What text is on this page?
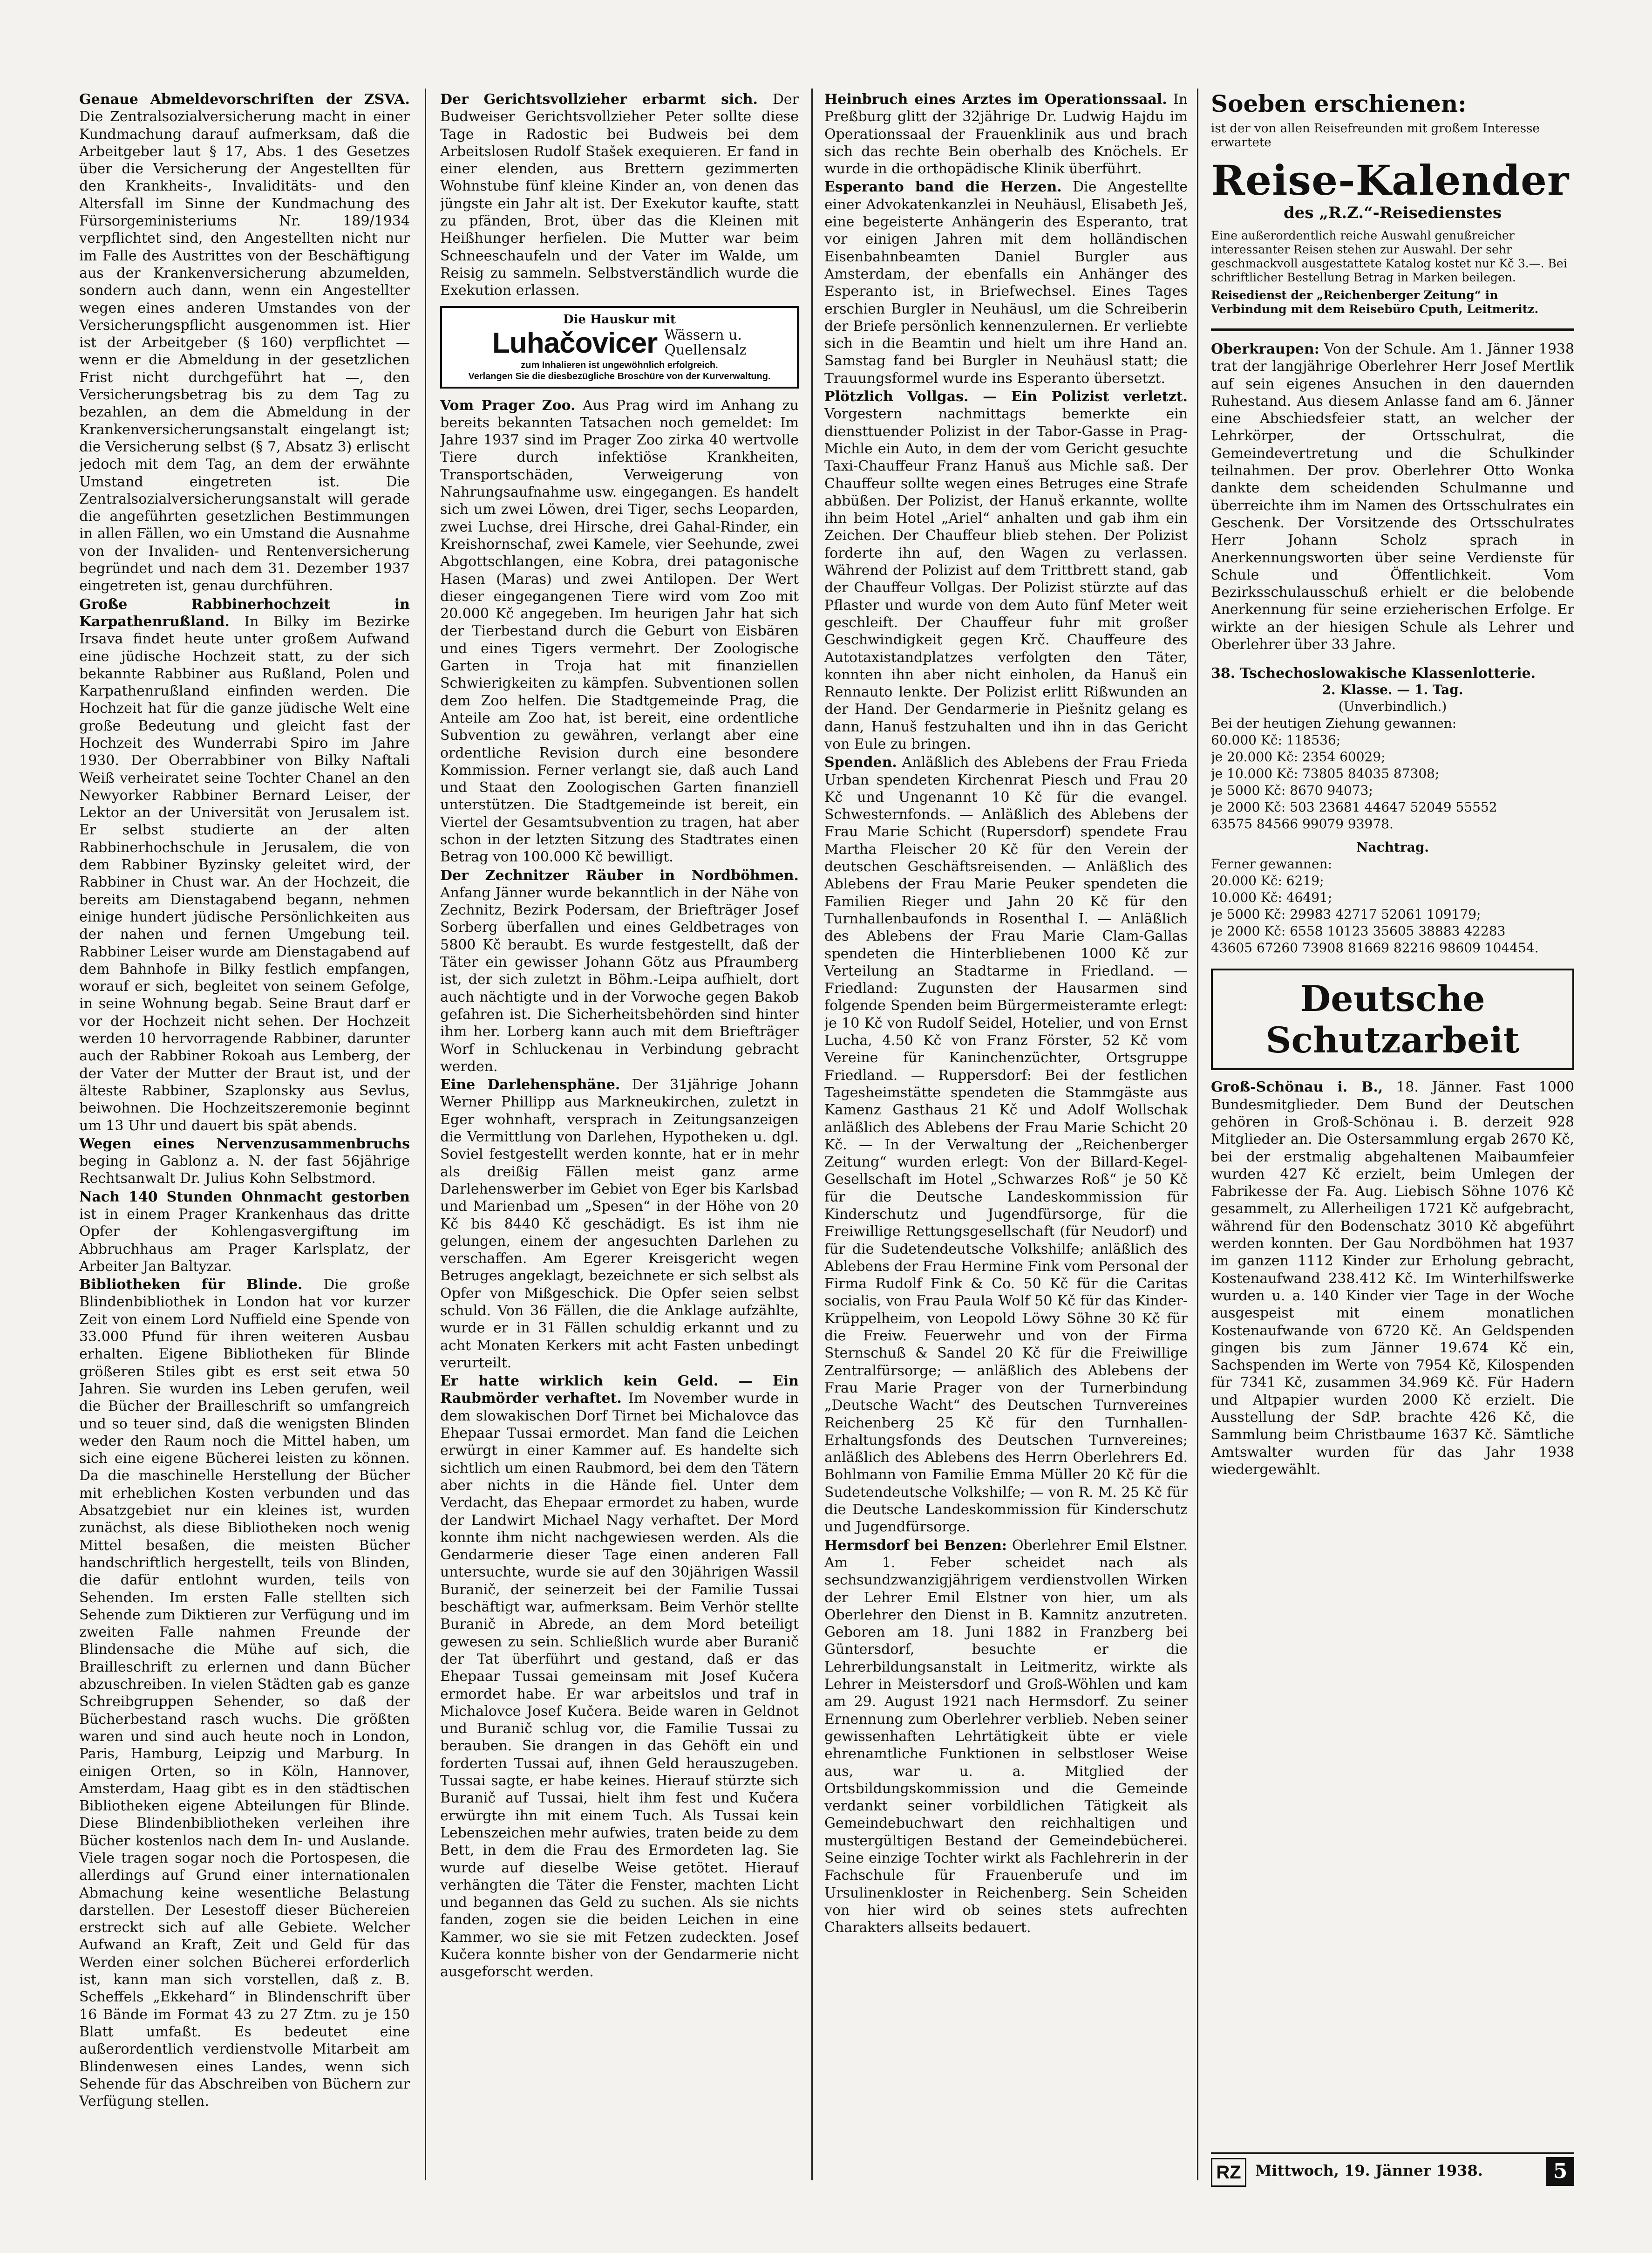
Genaue Abmeldevorschriften der ZSVA. Die Zentralsozialversicherung macht in einer Kundmachung darauf aufmerksam, daß die Arbeitgeber laut § 17, Abs. 1 des Gesetzes über die Versicherung der Angestellten für den Krankheits-, Invaliditäts- und den Altersfall im Sinne der Kundmachung des Fürsorgeministeriums Nr. 189/1934 verpflichtet sind, den Angestellten nicht nur im Falle des Austrittes von der Beschäftigung aus der Krankenversicherung abzumelden, sondern auch dann, wenn ein Angestellter wegen eines anderen Umstandes von der Versicherungspflicht ausgenommen ist. Hier ist der Arbeitgeber (§ 160) verpflichtet — wenn er die Abmeldung in der gesetzlichen Frist nicht durchgeführt hat —, den Versicherungsbetrag bis zu dem Tag zu bezahlen, an dem die Abmeldung in der Krankenversicherungsanstalt eingelangt ist; die Versicherung selbst (§ 7, Absatz 3) erlischt jedoch mit dem Tag, an dem der erwähnte Umstand eingetreten ist. Die Zentralsozialversicherungsanstalt will gerade die angeführten gesetzlichen Bestimmungen in allen Fällen, wo ein Umstand die Ausnahme von der Invaliden- und Rentenversicherung begründet und nach dem 31. Dezember 1937 eingetreten ist, genau durchführen.

Große Rabbinerhochzeit in Karpathenrußland. In Bilky im Bezirke Irsava findet heute unter großem Aufwand eine jüdische Hochzeit statt, zu der sich bekannte Rabbiner aus Rußland, Polen und Karpathenrußland einfinden werden. Die Hochzeit hat für die ganze jüdische Welt eine große Bedeutung und gleicht fast der Hochzeit des Wunderrabi Spiro im Jahre 1930. Der Oberrabbiner von Bilky Naftali Weiß verheiratet seine Tochter Chanel an den Newyorker Rabbiner Bernard Leiser, der Lektor an der Universität von Jerusalem ist. Er selbst studierte an der alten Rabbinerhochschule in Jerusalem, die von dem Rabbiner Byzinsky geleitet wird, der Rabbiner in Chust war. An der Hochzeit, die bereits am Dienstagabend begann, nehmen einige hundert jüdische Persönlichkeiten aus der nahen und fernen Umgebung teil. Rabbiner Leiser wurde am Dienstagabend auf dem Bahnhofe in Bilky festlich empfangen, worauf er sich, begleitet von seinem Gefolge, in seine Wohnung begab. Seine Braut darf er vor der Hochzeit nicht sehen. Der Hochzeit werden 10 hervorragende Rabbiner, darunter auch der Rabbiner Rokoah aus Lemberg, der der Vater der Mutter der Braut ist, und der älteste Rabbiner, Szaplonsky aus Sevlus, beiwohnen. Die Hochzeitszeremonie beginnt um 13 Uhr und dauert bis spät abends.

Wegen eines Nervenzusammenbruchs beging in Gablonz a. N. der fast 56jährige Rechtsanwalt Dr. Julius Kohn Selbstmord.

Nach 140 Stunden Ohnmacht gestorben ist in einem Prager Krankenhaus das dritte Opfer der Kohlengasvergiftung im Abbruchhaus am Prager Karlsplatz, der Arbeiter Jan Baltyzar.

Bibliotheken für Blinde. Die große Blindenbibliothek in London hat vor kurzer Zeit von einem Lord Nuffield eine Spende von 33.000 Pfund für ihren weiteren Ausbau erhalten. Eigene Bibliotheken für Blinde größeren Stiles gibt es erst seit etwa 50 Jahren. Sie wurden ins Leben gerufen, weil die Bücher der Brailleschrift so umfangreich und so teuer sind, daß die wenigsten Blinden weder den Raum noch die Mittel haben, um sich eine eigene Bücherei leisten zu können. Da die maschinelle Herstellung der Bücher mit erheblichen Kosten verbunden und das Absatzgebiet nur ein kleines ist, wurden zunächst, als diese Bibliotheken noch wenig Mittel besaßen, die meisten Bücher handschriftlich hergestellt, teils von Blinden, die dafür entlohnt wurden, teils von Sehenden. Im ersten Falle stellten sich Sehende zum Diktieren zur Verfügung und im zweiten Falle nahmen Freunde der Blindensache die Mühe auf sich, die Brailleschrift zu erlernen und dann Bücher abzuschreiben. In vielen Städten gab es ganze Schreibgruppen Sehender, so daß der Bücherbestand rasch wuchs. Die größten waren und sind auch heute noch in London, Paris, Hamburg, Leipzig und Marburg. In einigen Orten, so in Köln, Hannover, Amsterdam, Haag gibt es in den städtischen Bibliotheken eigene Abteilungen für Blinde. Diese Blindenbibliotheken verleihen ihre Bücher kostenlos nach dem In- und Auslande. Viele tragen sogar noch die Portospesen, die allerdings auf Grund einer internationalen Abmachung keine wesentliche Belastung darstellen. Der Lesestoff dieser Büchereien erstreckt sich auf alle Gebiete. Welcher Aufwand an Kraft, Zeit und Geld für das Werden einer solchen Bücherei erforderlich ist, kann man sich vorstellen, daß z. B. Scheffels „Ekkehard“ in Blindenschrift über 16 Bände im Format 43 zu 27 Ztm. zu je 150 Blatt umfaßt. Es bedeutet eine außerordentlich verdienstvolle Mitarbeit am Blindenwesen eines Landes, wenn sich Sehende für das Abschreiben von Büchern zur Verfügung stellen.

Der Gerichtsvollzieher erbarmt sich. Der Budweiser Gerichtsvollzieher Peter sollte diese Tage in Radostic bei Budweis bei dem Arbeitslosen Rudolf Stašek exequieren. Er fand in einer elenden, aus Brettern gezimmerten Wohnstube fünf kleine Kinder an, von denen das jüngste ein Jahr alt ist. Der Exekutor kaufte, statt zu pfänden, Brot, über das die Kleinen mit Heißhunger herfielen. Die Mutter war beim Schneeschaufeln und der Vater im Walde, um Reisig zu sammeln. Selbstverständlich wurde die Exekution erlassen.

Die Hauskur mit
Luhačovicer Wässern u.
Quellensalz
zum Inhalieren ist ungewöhnlich erfolgreich.
Verlangen Sie die diesbezügliche Broschüre von der Kurverwaltung.

Vom Prager Zoo. Aus Prag wird im Anhang zu bereits bekannten Tatsachen noch gemeldet: Im Jahre 1937 sind im Prager Zoo zirka 40 wertvolle Tiere durch infektiöse Krankheiten, Transportschäden, Verweigerung von Nahrungsaufnahme usw. eingegangen. Es handelt sich um zwei Löwen, drei Tiger, sechs Leoparden, zwei Luchse, drei Hirsche, drei Gahal-Rinder, ein Kreishornschaf, zwei Kamele, vier Seehunde, zwei Abgottschlangen, eine Kobra, drei patagonische Hasen (Maras) und zwei Antilopen. Der Wert dieser eingegangenen Tiere wird vom Zoo mit 20.000 Kč angegeben. Im heurigen Jahr hat sich der Tierbestand durch die Geburt von Eisbären und eines Tigers vermehrt. Der Zoologische Garten in Troja hat mit finanziellen Schwierigkeiten zu kämpfen. Subventionen sollen dem Zoo helfen. Die Stadtgemeinde Prag, die Anteile am Zoo hat, ist bereit, eine ordentliche Subvention zu gewähren, verlangt aber eine ordentliche Revision durch eine besondere Kommission. Ferner verlangt sie, daß auch Land und Staat den Zoologischen Garten finanziell unterstützen. Die Stadtgemeinde ist bereit, ein Viertel der Gesamtsubvention zu tragen, hat aber schon in der letzten Sitzung des Stadtrates einen Betrag von 100.000 Kč bewilligt.

Der Zechnitzer Räuber in Nordböhmen. Anfang Jänner wurde bekanntlich in der Nähe von Zechnitz, Bezirk Podersam, der Briefträger Josef Sorberg überfallen und eines Geldbetrages von 5800 Kč beraubt. Es wurde festgestellt, daß der Täter ein gewisser Johann Götz aus Pfraumberg ist, der sich zuletzt in Böhm.-Leipa aufhielt, dort auch nächtigte und in der Vorwoche gegen Bakob gefahren ist. Die Sicherheitsbehörden sind hinter ihm her. Lorberg kann auch mit dem Briefträger Worf in Schluckenau in Verbindung gebracht werden.

Eine Darlehensphäne. Der 31jährige Johann Werner Phillipp aus Markneukirchen, zuletzt in Eger wohnhaft, versprach in Zeitungsanzeigen die Vermittlung von Darlehen, Hypotheken u. dgl. Soviel festgestellt werden konnte, hat er in mehr als dreißig Fällen meist ganz arme Darlehenswerber im Gebiet von Eger bis Karlsbad und Marienbad um „Spesen“ in der Höhe von 20 Kč bis 8440 Kč geschädigt. Es ist ihm nie gelungen, einem der angesuchten Darlehen zu verschaffen. Am Egerer Kreisgericht wegen Betruges angeklagt, bezeichnete er sich selbst als Opfer von Mißgeschick. Die Opfer seien selbst schuld. Von 36 Fällen, die die Anklage aufzählte, wurde er in 31 Fällen schuldig erkannt und zu acht Monaten Kerkers mit acht Fasten unbedingt verurteilt.

Er hatte wirklich kein Geld. — Ein Raubmörder verhaftet. Im November wurde in dem slowakischen Dorf Tirnet bei Michalovce das Ehepaar Tussai ermordet. Man fand die Leichen erwürgt in einer Kammer auf. Es handelte sich sichtlich um einen Raubmord, bei dem den Tätern aber nichts in die Hände fiel. Unter dem Verdacht, das Ehepaar ermordet zu haben, wurde der Landwirt Michael Nagy verhaftet. Der Mord konnte ihm nicht nachgewiesen werden. Als die Gendarmerie dieser Tage einen anderen Fall untersuchte, wurde sie auf den 30jährigen Wassil Buranič, der seinerzeit bei der Familie Tussai beschäftigt war, aufmerksam. Beim Verhör stellte Buranič in Abrede, an dem Mord beteiligt gewesen zu sein. Schließlich wurde aber Buranič der Tat überführt und gestand, daß er das Ehepaar Tussai gemeinsam mit Josef Kučera ermordet habe. Er war arbeitslos und traf in Michalovce Josef Kučera. Beide waren in Geldnot und Buranič schlug vor, die Familie Tussai zu berauben. Sie drangen in das Gehöft ein und forderten Tussai auf, ihnen Geld herauszugeben. Tussai sagte, er habe keines. Hierauf stürzte sich Buranič auf Tussai, hielt ihm fest und Kučera erwürgte ihn mit einem Tuch. Als Tussai kein Lebenszeichen mehr aufwies, traten beide zu dem Bett, in dem die Frau des Ermordeten lag. Sie wurde auf dieselbe Weise getötet. Hierauf verhängten die Täter die Fenster, machten Licht und begannen das Geld zu suchen. Als sie nichts fanden, zogen sie die beiden Leichen in eine Kammer, wo sie sie mit Fetzen zudeckten. Josef Kučera konnte bisher von der Gendarmerie nicht ausgeforscht werden.

Heinbruch eines Arztes im Operationssaal. In Preßburg glitt der 32jährige Dr. Ludwig Hajdu im Operationssaal der Frauenklinik aus und brach sich das rechte Bein oberhalb des Knöchels. Er wurde in die orthopädische Klinik überführt.

Esperanto band die Herzen. Die Angestellte einer Advokatenkanzlei in Neuhäusl, Elisabeth Ješ, eine begeisterte Anhängerin des Esperanto, trat vor einigen Jahren mit dem holländischen Eisenbahnbeamten Daniel Burgler aus Amsterdam, der ebenfalls ein Anhänger des Esperanto ist, in Briefwechsel. Eines Tages erschien Burgler in Neuhäusl, um die Schreiberin der Briefe persönlich kennenzulernen. Er verliebte sich in die Beamtin und hielt um ihre Hand an. Samstag fand bei Burgler in Neuhäusl statt; die Trauungsformel wurde ins Esperanto übersetzt.

Plötzlich Vollgas. — Ein Polizist verletzt. Vorgestern nachmittags bemerkte ein diensttuender Polizist in der Tabor-Gasse in Prag-Michle ein Auto, in dem der vom Gericht gesuchte Taxi-Chauffeur Franz Hanuš aus Michle saß. Der Chauffeur sollte wegen eines Betruges eine Strafe abbüßen. Der Polizist, der Hanuš erkannte, wollte ihn beim Hotel „Ariel“ anhalten und gab ihm ein Zeichen. Der Chauffeur blieb stehen. Der Polizist forderte ihn auf, den Wagen zu verlassen. Während der Polizist auf dem Trittbrett stand, gab der Chauffeur Vollgas. Der Polizist stürzte auf das Pflaster und wurde von dem Auto fünf Meter weit geschleift. Der Chauffeur fuhr mit großer Geschwindigkeit gegen Krč. Chauffeure des Autotaxistandplatzes verfolgten den Täter, konnten ihn aber nicht einholen, da Hanuš ein Rennauto lenkte. Der Polizist erlitt Rißwunden an der Hand. Der Gendarmerie in Piešnitz gelang es dann, Hanuš festzuhalten und ihn in das Gericht von Eule zu bringen.

Spenden. Anläßlich des Ablebens der Frau Frieda Urban spendeten Kirchenrat Piesch und Frau 20 Kč und Ungenannt 10 Kč für die evangel. Schwesternfonds. — Anläßlich des Ablebens der Frau Marie Schicht (Rupersdorf) spendete Frau Martha Fleischer 20 Kč für den Verein der deutschen Geschäftsreisenden. — Anläßlich des Ablebens der Frau Marie Peuker spendeten die Familien Rieger und Jahn 20 Kč für den Turnhallenbaufonds in Rosenthal I. — Anläßlich des Ablebens der Frau Marie Clam-Gallas spendeten die Hinterbliebenen 1000 Kč zur Verteilung an Stadtarme in Friedland. — Friedland: Zugunsten der Hausarmen sind folgende Spenden beim Bürgermeisteramte erlegt: je 10 Kč von Rudolf Seidel, Hotelier, und von Ernst Lucha, 4.50 Kč von Franz Förster, 52 Kč vom Vereine für Kaninchenzüchter, Ortsgruppe Friedland. — Ruppersdorf: Bei der festlichen Tagesheimstätte spendeten die Stammgäste aus Kamenz Gasthaus 21 Kč und Adolf Wollschak anläßlich des Ablebens der Frau Marie Schicht 20 Kč. — In der Verwaltung der „Reichenberger Zeitung“ wurden erlegt: Von der Billard-Kegel-Gesellschaft im Hotel „Schwarzes Roß“ je 50 Kč für die Deutsche Landeskommission für Kinderschutz und Jugendfürsorge, für die Freiwillige Rettungsgesellschaft (für Neudorf) und für die Sudetendeutsche Volkshilfe; anläßlich des Ablebens der Frau Hermine Fink vom Personal der Firma Rudolf Fink & Co. 50 Kč für die Caritas socialis, von Frau Paula Wolf 50 Kč für das Kinder-Krüppelheim, von Leopold Löwy Söhne 30 Kč für die Freiw. Feuerwehr und von der Firma Sternschuß & Sandel 20 Kč für die Freiwillige Zentralfürsorge; — anläßlich des Ablebens der Frau Marie Prager von der Turnerbindung „Deutsche Wacht“ des Deutschen Turnvereines Reichenberg 25 Kč für den Turnhallen-Erhaltungsfonds des Deutschen Turnvereines; anläßlich des Ablebens des Herrn Oberlehrers Ed. Bohlmann von Familie Emma Müller 20 Kč für die Sudetendeutsche Volkshilfe; — von R. M. 25 Kč für die Deutsche Landeskommission für Kinderschutz und Jugendfürsorge.

Hermsdorf bei Benzen: Oberlehrer Emil Elstner. Am 1. Feber scheidet nach als sechsundzwanzigjährigem verdienstvollen Wirken der Lehrer Emil Elstner von hier, um als Oberlehrer den Dienst in B. Kamnitz anzutreten. Geboren am 18. Juni 1882 in Franzberg bei Güntersdorf, besuchte er die Lehrerbildungsanstalt in Leitmeritz, wirkte als Lehrer in Meistersdorf und Groß-Wöhlen und kam am 29. August 1921 nach Hermsdorf. Zu seiner Ernennung zum Oberlehrer verblieb. Neben seiner gewissenhaften Lehrtätigkeit übte er viele ehrenamtliche Funktionen in selbstloser Weise aus, war u. a. Mitglied der Ortsbildungskommission und die Gemeinde verdankt seiner vorbildlichen Tätigkeit als Gemeindebuchwart den reichhaltigen und mustergültigen Bestand der Gemeindebücherei. Seine einzige Tochter wirkt als Fachlehrerin in der Fachschule für Frauenberufe und im Ursulinenkloster in Reichenberg. Sein Scheiden von hier wird ob seines stets aufrechten Charakters allseits bedauert.

Soeben erschienen:
ist der von allen Reisefreunden mit großem Interesse erwartete
Reise-Kalender
des „R.Z.“-Reisedienstes
Eine außerordentlich reiche Auswahl genußreicher interessanter Reisen stehen zur Auswahl. Der sehr geschmackvoll ausgestattete Katalog kostet nur Kč 3.—. Bei schriftlicher Bestellung Betrag in Marken beilegen.
Reisedienst der „Reichenberger Zeitung“ in Verbindung mit dem Reisebüro Cputh, Leitmeritz.

Oberkraupen: Von der Schule. Am 1. Jänner 1938 trat der langjährige Oberlehrer Herr Josef Mertlik auf sein eigenes Ansuchen in den dauernden Ruhestand. Aus diesem Anlasse fand am 6. Jänner eine Abschiedsfeier statt, an welcher der Lehrkörper, der Ortsschulrat, die Gemeindevertretung und die Schulkinder teilnahmen. Der prov. Oberlehrer Otto Wonka dankte dem scheidenden Schulmanne und überreichte ihm im Namen des Ortsschulrates ein Geschenk. Der Vorsitzende des Ortsschulrates Herr Johann Scholz sprach in Anerkennungsworten über seine Verdienste für Schule und Öffentlichkeit. Vom Bezirksschulausschuß erhielt er die belobende Anerkennung für seine erzieherischen Erfolge. Er wirkte an der hiesigen Schule als Lehrer und Oberlehrer über 33 Jahre.

38. Tschechoslowakische Klassenlotterie.
2. Klasse. — 1. Tag.
(Unverbindlich.)
Bei der heutigen Ziehung gewannen:
60.000 Kč: 118536;
je 20.000 Kč: 2354 60029;
je 10.000 Kč: 73805 84035 87308;
je 5000 Kč: 8670 94073;
je 2000 Kč: 503 23681 44647 52049 55552
63575 84566 99079 93978.
Nachtrag.
Ferner gewannen:
20.000 Kč: 6219;
10.000 Kč: 46491;
je 5000 Kč: 29983 42717 52061 109179;
je 2000 Kč: 6558 10123 35605 38883 42283
43605 67260 73908 81669 82216 98609 104454.
Deutsche Schutzarbeit

Groß-Schönau i. B., 18. Jänner. Fast 1000 Bundesmitglieder. Dem Bund der Deutschen gehören in Groß-Schönau i. B. derzeit 928 Mitglieder an. Die Ostersammlung ergab 2670 Kč, bei der erstmalig abgehaltenen Maibaumfeier wurden 427 Kč erzielt, beim Umlegen der Fabrikesse der Fa. Aug. Liebisch Söhne 1076 Kč gesammelt, zu Allerheiligen 1721 Kč aufgebracht, während für den Bodenschatz 3010 Kč abgeführt werden konnten. Der Gau Nordböhmen hat 1937 im ganzen 1112 Kinder zur Erholung gebracht, Kostenaufwand 238.412 Kč. Im Winterhilfswerke wurden u. a. 140 Kinder vier Tage in der Woche ausgespeist mit einem monatlichen Kostenaufwande von 6720 Kč. An Geldspenden gingen bis zum Jänner 19.674 Kč ein, Sachspenden im Werte von 7954 Kč, Kilospenden für 7341 Kč, zusammen 34.969 Kč. Für Hadern und Altpapier wurden 2000 Kč erzielt. Die Ausstellung der SdP. brachte 426 Kč, die Sammlung beim Christbaume 1637 Kč. Sämtliche Amtswalter wurden für das Jahr 1938 wiedergewählt.

RZ Mittwoch, 19. Jänner 1938.	5
